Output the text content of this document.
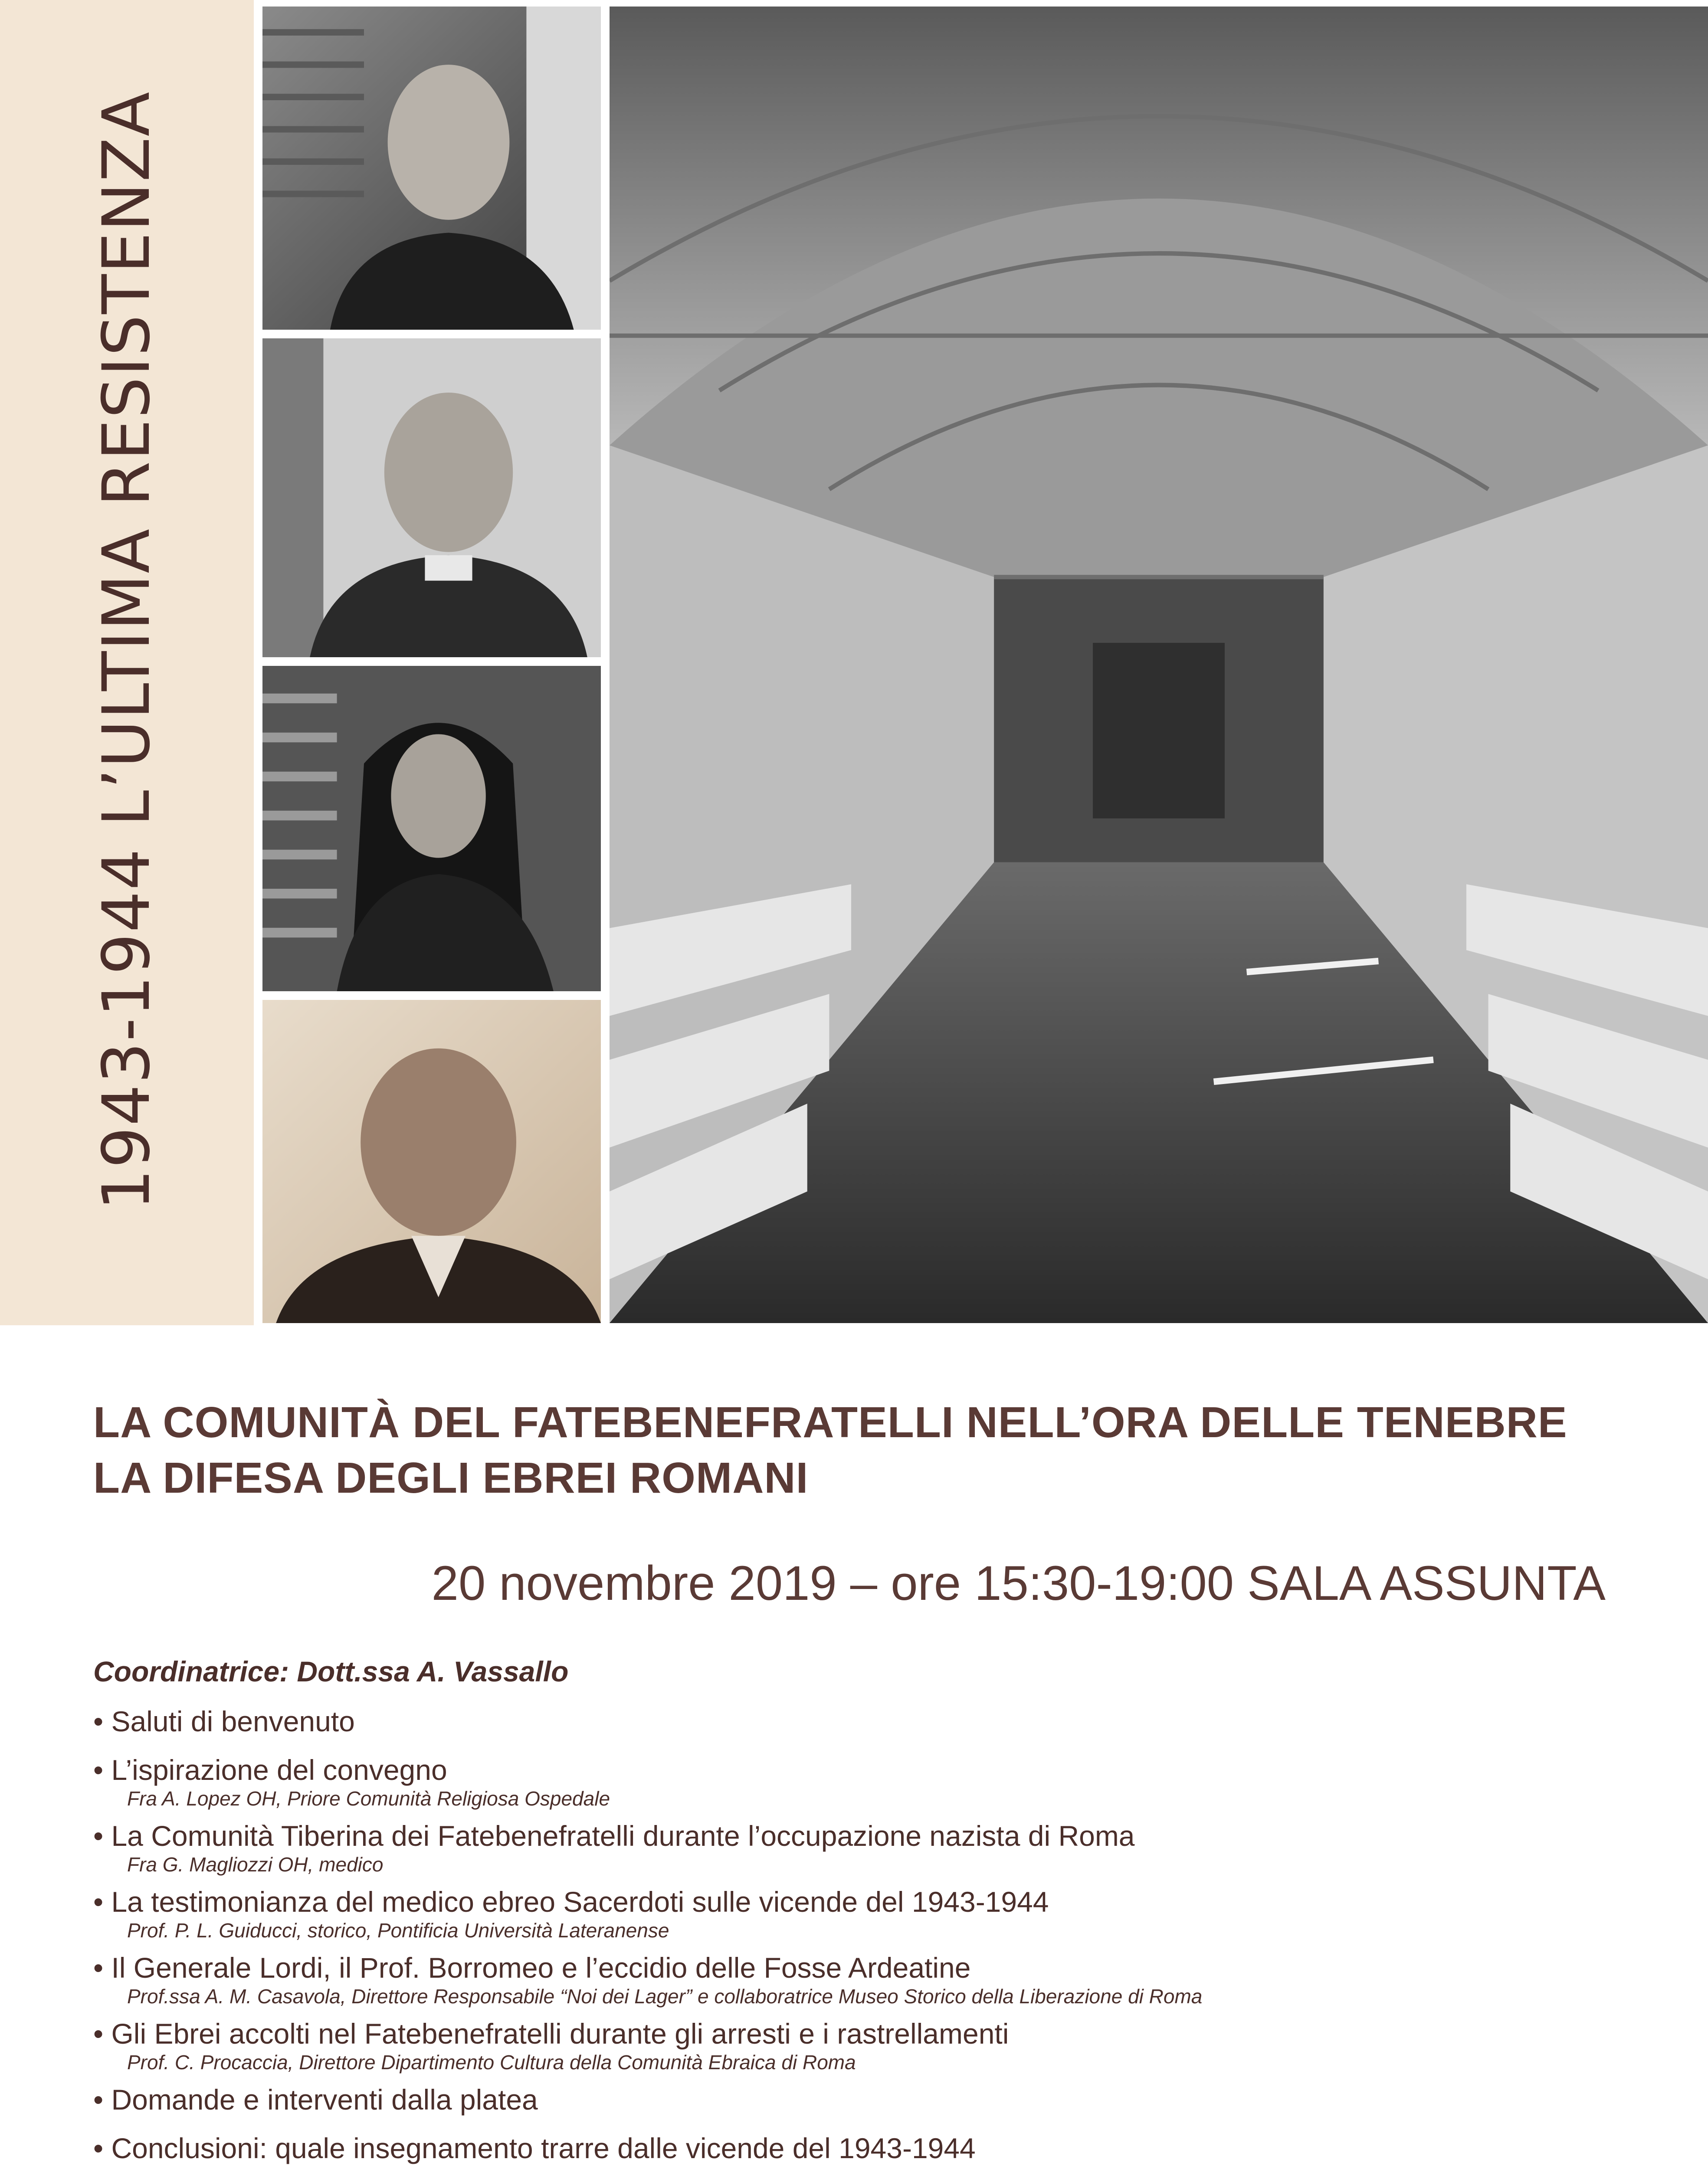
1943-1944 L’ULTIMA RESISTENZA
LA COMUNITÀ DEL FATEBENEFRATELLI NELL’ORA DELLE TENEBRE
LA DIFESA DEGLI EBREI ROMANI
20 novembre 2019 – ore 15:30-19:00 SALA ASSUNTA
Coordinatrice: Dott.ssa A. Vassallo
• Saluti di benvenuto
• L’ispirazione del convegno
Fra A. Lopez OH, Priore Comunità Religiosa Ospedale
• La Comunità Tiberina dei Fatebenefratelli durante l’occupazione nazista di Roma
Fra G. Magliozzi OH, medico
• La testimonianza del medico ebreo Sacerdoti sulle vicende del 1943-1944
Prof. P. L. Guiducci, storico, Pontificia Università Lateranense
• Il Generale Lordi, il Prof. Borromeo e l’eccidio delle Fosse Ardeatine
Prof.ssa A. M. Casavola, Direttore Responsabile “Noi dei Lager” e collaboratrice Museo Storico della Liberazione di Roma
• Gli Ebrei accolti nel Fatebenefratelli durante gli arresti e i rastrellamenti
Prof. C. Procaccia, Direttore Dipartimento Cultura della Comunità Ebraica di Roma
• Domande e interventi dalla platea
• Conclusioni: quale insegnamento trarre dalle vicende del 1943-1944
